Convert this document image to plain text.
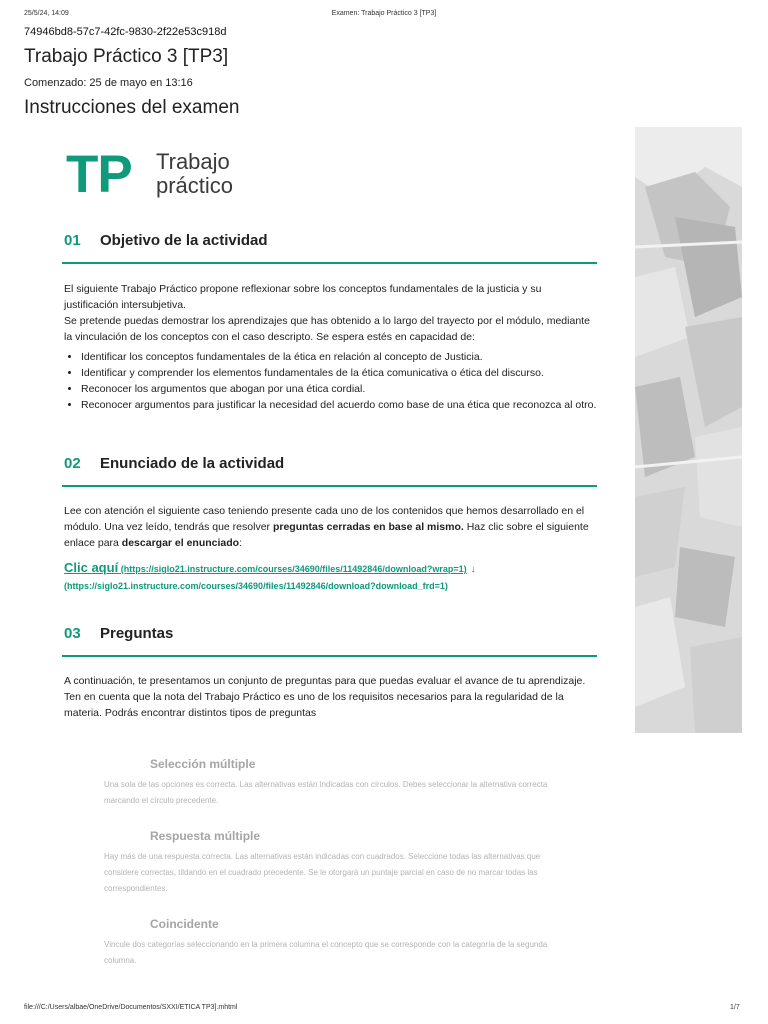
25/5/24, 14:09	Examen: Trabajo Práctico 3 [TP3]
74946bd8-57c7-42fc-9830-2f22e53c918d
Trabajo Práctico 3 [TP3]
Comenzado: 25 de mayo en 13:16
Instrucciones del examen
TP Trabajo
práctico
01 Objetivo de la actividad
El siguiente Trabajo Práctico propone reflexionar sobre los conceptos fundamentales de la justicia y su justificación intersubjetiva.
Se pretende puedas demostrar los aprendizajes que has obtenido a lo largo del trayecto por el módulo, mediante la vinculación de los conceptos con el caso descripto. Se espera estés en capacidad de:
• Identificar los conceptos fundamentales de la ética en relación al concepto de Justicia.
• Identificar y comprender los elementos fundamentales de la ética comunicativa o ética del discurso.
• Reconocer los argumentos que abogan por una ética cordial.
• Reconocer argumentos para justificar la necesidad del acuerdo como base de una ética que reconozca al otro.
02 Enunciado de la actividad
Lee con atención el siguiente caso teniendo presente cada uno de los contenidos que hemos desarrollado en el módulo. Una vez leído, tendrás que resolver preguntas cerradas en base al mismo. Haz clic sobre el siguiente enlace para descargar el enunciado:
Clic aquí (https://siglo21.instructure.com/courses/34690/files/11492846/download?wrap=1) ↓
(https://siglo21.instructure.com/courses/34690/files/11492846/download?download_frd=1)
03 Preguntas
A continuación, te presentamos un conjunto de preguntas para que puedas evaluar el avance de tu aprendizaje. Ten en cuenta que la nota del Trabajo Práctico es uno de los requisitos necesarios para la regularidad de la materia. Podrás encontrar distintos tipos de preguntas
Selección múltiple
Una sola de las opciones es correcta. Las alternativas están indicadas con círculos. Debes seleccionar la alternativa correcta marcando el círculo precedente.
Respuesta múltiple
Hay más de una respuesta correcta. Las alternativas están indicadas con cuadrados. Seleccione todas las alternativas que considere correctas, tildando en el cuadrado precedente. Se le otorgará un puntaje parcial en caso de no marcar todas las correspondientes.
Coincidente
Vincule dos categorías seleccionando en la primera columna el concepto que se corresponde con la categoría de la segunda columna.
file:///C:/Users/albae/OneDrive/Documentos/SXXI/ETICA TP3].mhtml	1/7
